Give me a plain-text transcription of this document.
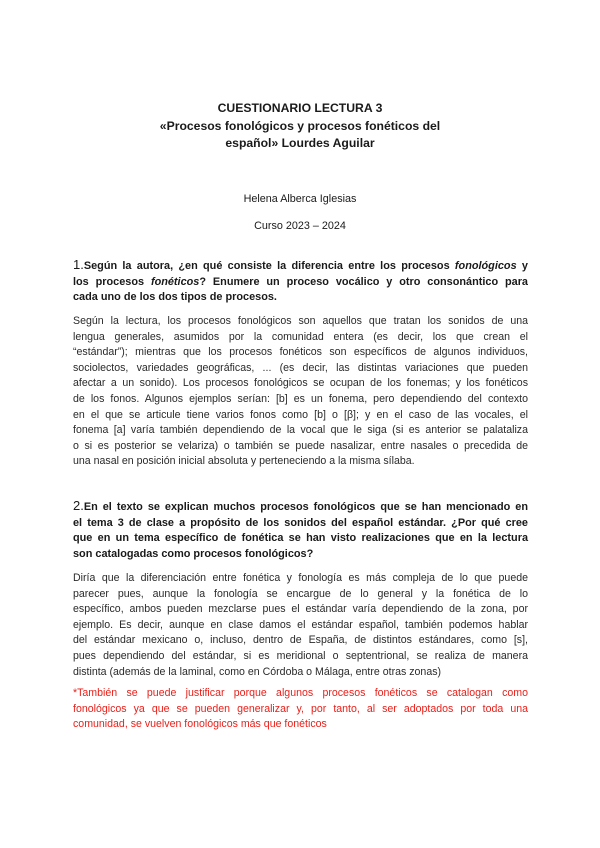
CUESTIONARIO LECTURA 3
«Procesos fonológicos y procesos fonéticos del
español» Lourdes Aguilar
Helena Alberca Iglesias
Curso 2023 – 2024
1.Según la autora, ¿en qué consiste la diferencia entre los procesos fonológicos y
los procesos fonéticos? Enumere un proceso vocálico y otro consonántico para
cada uno de los dos tipos de procesos.
Según la lectura, los procesos fonológicos son aquellos que tratan los sonidos de una
lengua generales, asumidos por la comunidad entera (es decir, los que crean el
“estándar”); mientras que los procesos fonéticos son específicos de algunos individuos,
sociolectos, variedades geográficas, ... (es decir, las distintas variaciones que pueden
afectar a un sonido). Los procesos fonológicos se ocupan de los fonemas; y los fonéticos
de los fonos. Algunos ejemplos serían: [b] es un fonema, pero dependiendo del contexto
en el que se articule tiene varios fonos como [b] o [β]; y en el caso de las vocales, el
fonema [a] varía también dependiendo de la vocal que le siga (si es anterior se palataliza
o si es posterior se velariza) o también se puede nasalizar, entre nasales o precedida de
una nasal en posición inicial absoluta y perteneciendo a la misma sílaba.
2.En el texto se explican muchos procesos fonológicos que se han mencionado en
el tema 3 de clase a propósito de los sonidos del español estándar. ¿Por qué cree
que en un tema específico de fonética se han visto realizaciones que en la lectura
son catalogadas como procesos fonológicos?
Diría que la diferenciación entre fonética y fonología es más compleja de lo que puede
parecer pues, aunque la fonología se encargue de lo general y la fonética de lo
específico, ambos pueden mezclarse pues el estándar varía dependiendo de la zona, por
ejemplo. Es decir, aunque en clase damos el estándar español, también podemos hablar
del estándar mexicano o, incluso, dentro de España, de distintos estándares, como [s],
pues dependiendo del estándar, si es meridional o septentrional, se realiza de manera
distinta (además de la laminal, como en Córdoba o Málaga, entre otras zonas)
*También se puede justificar porque algunos procesos fonéticos se catalogan como
fonológicos ya que se pueden generalizar y, por tanto, al ser adoptados por toda una
comunidad, se vuelven fonológicos más que fonéticos
